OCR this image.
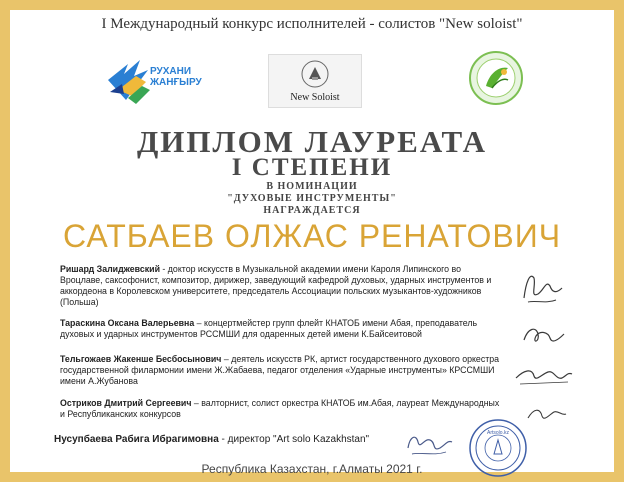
I Международный конкурс исполнителей - солистов "New soloist"
РУХАНИ
ЖАНҒЫРУ
New Soloist
ДИПЛОМ ЛАУРЕАТА
I СТЕПЕНИ
В НОМИНАЦИИ
"ДУХОВЫЕ ИНСТРУМЕНТЫ"
НАГРАЖДАЕТСЯ
САТБАЕВ ОЛЖАС РЕНАТОВИЧ
Ришард Залиджевский - доктор искусств в Музыкальной академии имени Кароля Липинского во Вроцлаве, саксофонист, композитор, дирижер, заведующий кафедрой духовых, ударных инструментов и аккордеона в Королевском университете, председатель Ассоциации польских музыкантов-художников (Польша)
Тараскина Оксана Валерьевна – концертмейстер групп флейт КНАТОБ имени Абая, преподаватель духовых и ударных инструментов РССМШИ для одаренных детей имени К.Байсеитовой
Тельгожаев Жакенше Бесбосынович – деятель искусств РК, артист государственного духового оркестра государственной филармонии имени Ж.Жабаева, педагог отделения «Ударные инструменты» КРССМШИ имени А.Жубанова
Остриков Дмитрий Сергеевич – валторнист, солист оркестра КНАТОБ им.Абая, лауреат Международных и Республиканских конкурсов
Нусупбаева Рабига Ибрагимовна - директор "Art solo Kazakhstan"
Artsolo.kz
Республика Казахстан, г.Алматы 2021 г.
